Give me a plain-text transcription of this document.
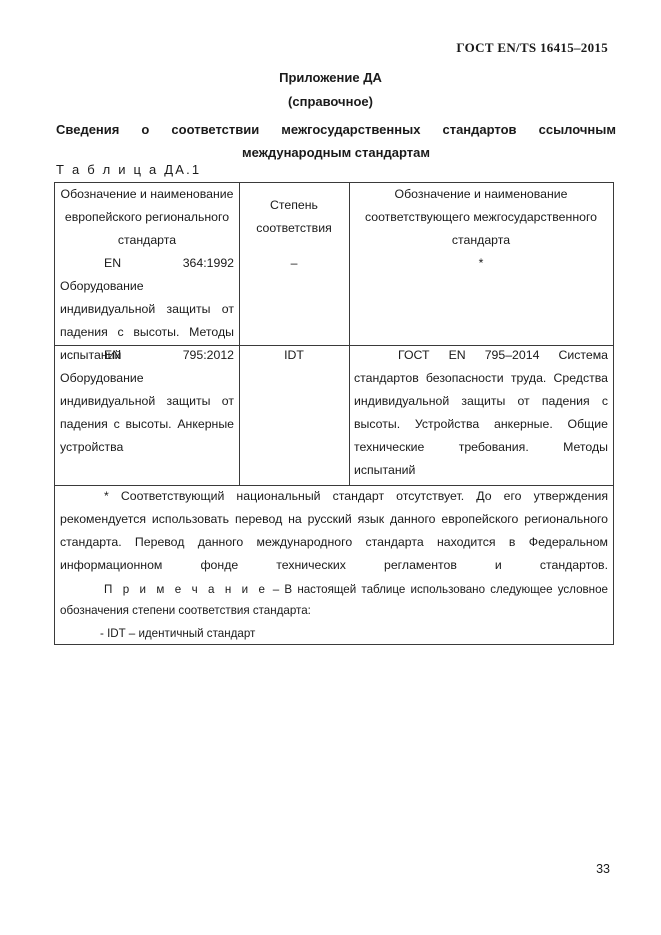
ГОСТ EN/TS 16415–2015
Приложение ДА
(справочное)
Сведения о соответствии межгосударственных стандартов ссылочным международным стандартам
Т а б л и ц а ДА.1
Обозначение и наименование европейского регионального стандарта
Степень соответствия
Обозначение и наименование соответствующего межгосударственного стандарта
EN 364:1992 Оборудование индивидуальной защиты от падения с высоты. Методы испытаний
–	*
EN 795:2012 Оборудование индивидуальной защиты от падения с высоты. Анкерные устройства
IDT	ГОСТ EN 795–2014 Система стандартов безопасности труда. Средства индивидуальной защиты от падения с высоты. Устройства анкерные. Общие технические требования. Методы испытаний

* Соответствующий национальный стандарт отсутствует. До его утверждения рекомендуется использовать перевод на русский язык данного европейского регионального стандарта. Перевод данного международного стандарта находится в Федеральном информационном фонде технических регламентов и стандартов.

П р и м е ч а н и е – В настоящей таблице использовано следующее условное обозначения степени соответствия стандарта:

- IDT – идентичный стандарт

33
